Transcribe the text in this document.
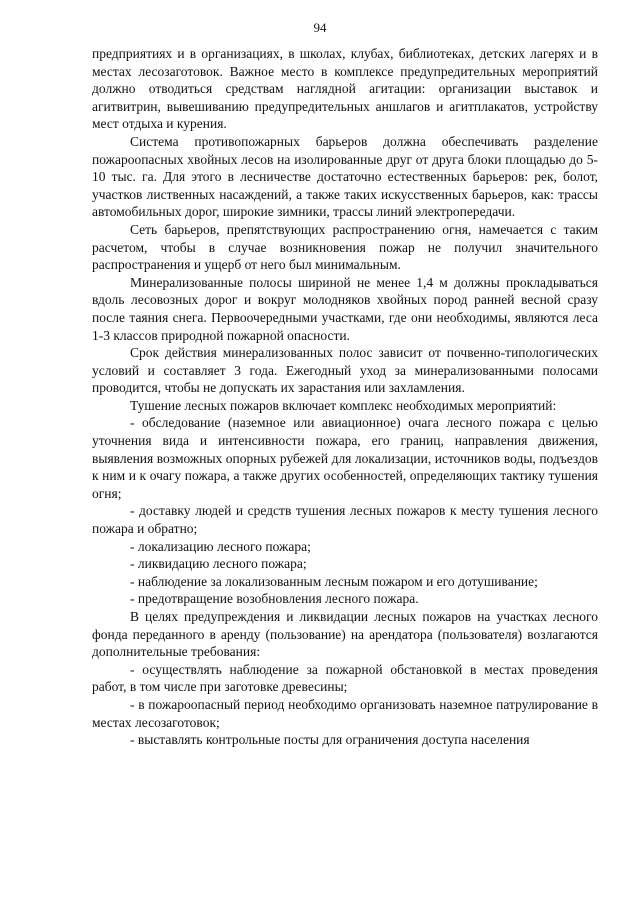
94

предприятиях и в организациях, в школах, клубах, библиотеках, детских лагерях и в местах лесозаготовок. Важное место в комплексе предупредительных мероприятий должно отводиться средствам наглядной агитации: организации выставок и агитвитрин, вывешиванию предупредительных аншлагов и агитплакатов, устройству мест отдыха и курения.

Система противопожарных барьеров должна обеспечивать разделение пожароопасных хвойных лесов на изолированные друг от друга блоки площадью до 5-10 тыс. га. Для этого в лесничестве достаточно естественных барьеров: рек, болот, участков лиственных насаждений, а также таких искусственных барьеров, как: трассы автомобильных дорог, широкие зимники, трассы линий электропередачи.

Сеть барьеров, препятствующих распространению огня, намечается с таким расчетом, чтобы в случае возникновения пожар не получил значительного распространения и ущерб от него был минимальным.

Минерализованные полосы шириной не менее 1,4 м должны прокладываться вдоль лесовозных дорог и вокруг молодняков хвойных пород ранней весной сразу после таяния снега. Первоочередными участками, где они необходимы, являются леса 1-3 классов природной пожарной опасности.

Срок действия минерализованных полос зависит от почвенно-типологических условий и составляет 3 года. Ежегодный уход за минерализованными полосами проводится, чтобы не допускать их зарастания или захламления.

Тушение лесных пожаров включает комплекс необходимых мероприятий:

- обследование (наземное или авиационное) очага лесного пожара с целью уточнения вида и интенсивности пожара, его границ, направления движения, выявления возможных опорных рубежей для локализации, источников воды, подъездов к ним и к очагу пожара, а также других особенностей, определяющих тактику тушения огня;

- доставку людей и средств тушения лесных пожаров к месту тушения лесного пожара и обратно;

- локализацию лесного пожара;

- ликвидацию лесного пожара;

- наблюдение за локализованным лесным пожаром и его дотушивание;

- предотвращение возобновления лесного пожара.

В целях предупреждения и ликвидации лесных пожаров на участках лесного фонда переданного в аренду (пользование) на арендатора (пользователя) возлагаются дополнительные требования:

- осуществлять наблюдение за пожарной обстановкой в местах проведения работ, в том числе при заготовке древесины;

- в пожароопасный период необходимо организовать наземное патрулирование в местах лесозаготовок;

- выставлять контрольные посты для ограничения доступа населения
